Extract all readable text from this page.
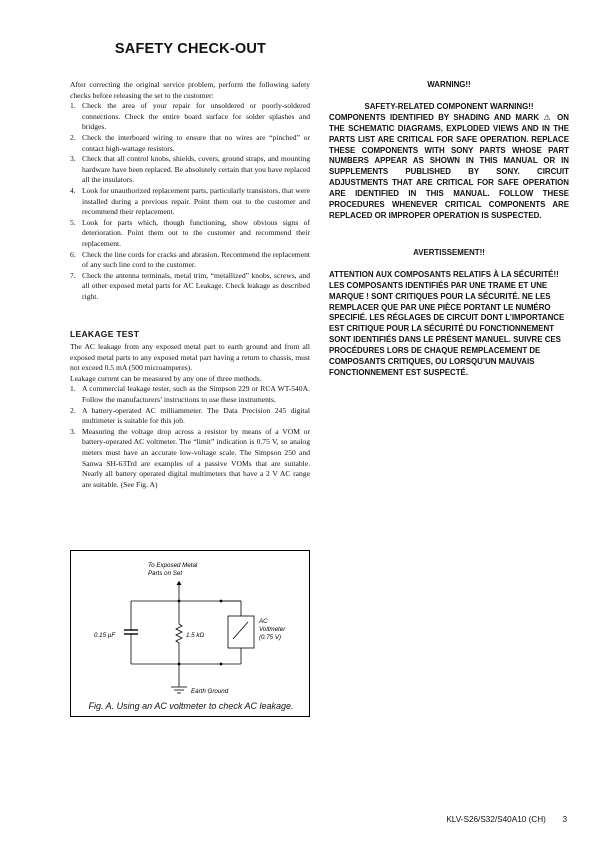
SAFETY CHECK-OUT

After correcting the original service problem, perform the following safety checks before releasing the set to the customer:

1. Check the area of your repair for unsoldered or poorly-soldered connections. Check the entire board surface for solder splashes and bridges.
2. Check the interboard wiring to ensure that no wires are “pinched” or contact high-wattage resistors.
3. Check that all control knobs, shields, covers, ground straps, and mounting hardware have been replaced. Be absolutely certain that you have replaced all the insulators.
4. Look for unauthorized replacement parts, particularly transistors, that were installed during a previous repair. Point them out to the customer and recommend their replacement.
5. Look for parts which, though functioning, show obvious signs of deterioration. Point them out to the customer and recommend their replacement.
6. Check the line cords for cracks and abrasion. Recommend the replacement of any such line cord to the customer.
7. Check the antenna terminals, metal trim, “metallized” knobs, screws, and all other exposed metal parts for AC Leakage. Check leakage as described right.
LEAKAGE TEST

The AC leakage from any exposed metal part to earth ground and from all exposed metal parts to any exposed metal part having a return to chassis, must not exceed 0.5 mA (500 microamperes).

Leakage current can be measured by any one of three methods.

1. A commercial leakage tester, such as the Simpson 229 or RCA WT-540A. Follow the manufacturers’ instructions to use these instruments.
2. A battery-operated AC milliammeter. The Data Precision 245 digital multimeter is suitable for this job.
3. Measuring the voltage drop across a resistor by means of a VOM or battery-operated AC voltmeter. The “limit” indication is 0.75 V, so analog meters must have an accurate low-voltage scale. The Simpson 250 and Sanwa SH-63Trd are examples of a passive VOMs that are suitable. Nearly all battery operated digital multimeters that have a 2 V AC range are suitable. (See Fig. A)
To Exposed Metal
Parts on Set
0.15 µF	1.5 kΩ
AC
Voltmeter
(0.75 V)
Earth Ground
Fig. A. Using an AC voltmeter to check AC leakage.

WARNING!!

SAFETY-RELATED COMPONENT WARNING!!

COMPONENTS IDENTIFIED BY SHADING AND MARK ⚠ ON THE SCHEMATIC DIAGRAMS, EXPLODED VIEWS AND IN THE PARTS LIST ARE CRITICAL FOR SAFE OPERATION. REPLACE THESE COMPONENTS WITH SONY PARTS WHOSE PART NUMBERS APPEAR AS SHOWN IN THIS MANUAL OR IN SUPPLEMENTS PUBLISHED BY SONY. CIRCUIT ADJUSTMENTS THAT ARE CRITICAL FOR SAFE OPERATION ARE IDENTIFIED IN THIS MANUAL. FOLLOW THESE PROCEDURES WHENEVER CRITICAL COMPONENTS ARE REPLACED OR IMPROPER OPERATION IS SUSPECTED.

AVERTISSEMENT!!

ATTENTION AUX COMPOSANTS RELATIFS À LA SÉCURITÉ!!

LES COMPOSANTS IDENTIFIÉS PAR UNE TRAME ET UNE MARQUE ! SONT CRITIQUES POUR LA SÉCURITÉ. NE LES REMPLACER QUE PAR UNE PIÈCE PORTANT LE NUMÉRO SPECIFIÉ. LES RÉGLAGES DE CIRCUIT DONT L’IMPORTANCE EST CRITIQUE POUR LA SÉCURITÉ DU FONCTIONNEMENT SONT IDENTIFIÉS DANS LE PRÉSENT MANUEL. SUIVRE CES PROCÉDURES LORS DE CHAQUE REMPLACEMENT DE COMPOSANTS CRITIQUES, OU LORSQU’UN MAUVAIS FONCTIONNEMENT EST SUSPECTÉ.

KLV-S26/S32/S40A10 (CH) 3
